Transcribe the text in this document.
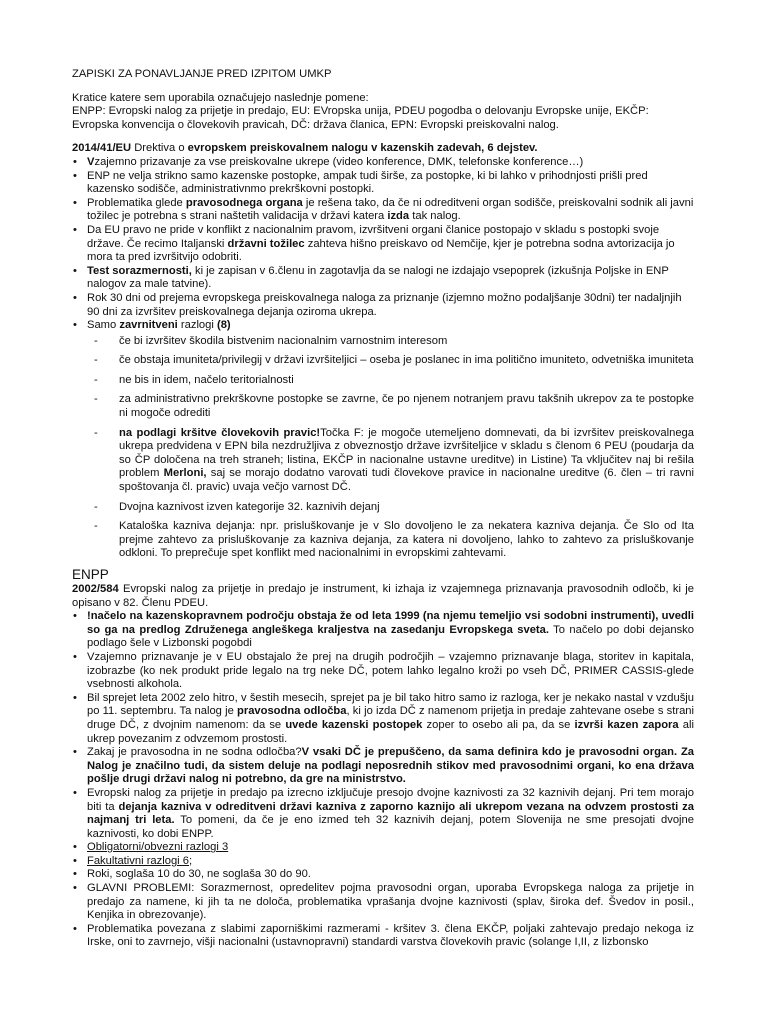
ZAPISKI ZA PONAVLJANJE PRED IZPITOM UMKP

Kratice katere sem uporabila označujejo naslednje pomene:

ENPP: Evropski nalog za prijetje in predajo, EU: EVropska unija, PDEU pogodba o delovanju Evropske unije, EKČP: Evropska konvencija o človekovih pravicah, DČ: država članica, EPN: Evropski preiskovalni nalog.

2014/41/EU Drektiva o evropskem preiskovalnem nalogu v kazenskih zadevah, 6 dejstev.

• Vzajemno prizavanje za vse preiskovalne ukrepe (video konference, DMK, telefonske konference…)
• ENP ne velja strikno samo kazenske postopke, ampak tudi širše, za postopke, ki bi lahko v prihodnjosti prišli pred kazensko sodišče, administrativnmo prekrškovni postopki.
• Problematika glede pravosodnega organa je rešena tako, da če ni odreditveni organ sodišče, preiskovalni sodnik ali javni tožilec je potrebna s strani naštetih validacija v državi katera izda tak nalog.
• Da EU pravo ne pride v konflikt z nacionalnim pravom, izvršitveni organi članice postopajo v skladu s postopki svoje države. Če recimo Italjanski državni tožilec zahteva hišno preiskavo od Nemčije, kjer je potrebna sodna avtorizacija jo mora ta pred izvršitvijo odobriti.
• Test sorazmernosti, ki je zapisan v 6.členu in zagotavlja da se nalogi ne izdajajo vsepoprek (izkušnja Poljske in ENP nalogov za male tatvine).
• Rok 30 dni od prejema evropskega preiskovalnega naloga za priznanje (izjemno možno podaljšanje 30dni) ter nadaljnjih 90 dni za izvršitev preiskovalnega dejanja oziroma ukrepa.
• Samo zavrnitveni razlogi (8)
- če bi izvršitev škodila bistvenim nacionalnim varnostnim interesom
- če obstaja imuniteta/privilegij v državi izvršiteljici – oseba je poslanec in ima politično imuniteto, odvetniška imuniteta
- ne bis in idem, načelo teritorialnosti
- za administrativno prekrškovne postopke se zavrne, če po njenem notranjem pravu takšnih ukrepov za te postopke ni mogoče odrediti
- na podlagi kršitve človekovih pravic!Točka F: je mogoče utemeljeno domnevati, da bi izvršitev preiskovalnega ukrepa predvidena v EPN bila nezdružljiva z obveznostjo države izvršiteljice v skladu s členom 6 PEU (poudarja da so ČP določena na treh straneh; listina, EKČP in nacionalne ustavne ureditve) in Listine) Ta vključitev naj bi rešila problem Merloni, saj se morajo dodatno varovati tudi človekove pravice in nacionalne ureditve (6. člen – tri ravni spoštovanja čl. pravic) uvaja večjo varnost DČ.
- Dvojna kaznivost izven kategorije 32. kaznivih dejanj
- Kataloška kazniva dejanja: npr. prisluškovanje je v Slo dovoljeno le za nekatera kazniva dejanja. Če Slo od Ita prejme zahtevo za prisluškovanje za kazniva dejanja, za katera ni dovoljeno, lahko to zahtevo za prisluškovanje odkloni. To preprečuje spet konflikt med nacionalnimi in evropskimi zahtevami.

ENPP

2002/584 Evropski nalog za prijetje in predajo je instrument, ki izhaja iz vzajemnega priznavanja pravosodnih odločb, ki je opisano v 82. Členu PDEU.

• !načelo na kazenskopravnem področju obstaja že od leta 1999 (na njemu temeljio vsi sodobni instrumenti), uvedli so ga na predlog Združenega angleškega kraljestva na zasedanju Evropskega sveta. To načelo po dobi dejansko podlago šele v Lizbonski pogobdi
• Vzajemno priznavanje je v EU obstajalo že prej na drugih področjih – vzajemno priznavanje blaga, storitev in kapitala, izobrazbe (ko nek produkt pride legalo na trg neke DČ, potem lahko legalno kroži po vseh DČ, PRIMER CASSIS-glede vsebnosti alkohola.
• Bil sprejet leta 2002 zelo hitro, v šestih mesecih, sprejet pa je bil tako hitro samo iz razloga, ker je nekako nastal v vzdušju po 11. septembru. Ta nalog je pravosodna odločba, ki jo izda DČ z namenom prijetja in predaje zahtevane osebe s strani druge DČ, z dvojnim namenom: da se uvede kazenski postopek zoper to osebo ali pa, da se izvrši kazen zapora ali ukrep povezanim z odvzemom prostosti.
• Zakaj je pravosodna in ne sodna odločba?V vsaki DČ je prepuščeno, da sama definira kdo je pravosodni organ. Za Nalog je značilno tudi, da sistem deluje na podlagi neposrednih stikov med pravosodnimi organi, ko ena država pošlje drugi državi nalog ni potrebno, da gre na ministrstvo.
• Evropski nalog za prijetje in predajo pa izrecno izključuje presojo dvojne kaznivosti za 32 kaznivih dejanj. Pri tem morajo biti ta dejanja kazniva v odreditveni državi kazniva z zaporno kaznijo ali ukrepom vezana na odvzem prostosti za najmanj tri leta. To pomeni, da če je eno izmed teh 32 kaznivih dejanj, potem Slovenija ne sme presojati dvojne kaznivosti, ko dobi ENPP.
• Obligatorni/obvezni razlogi 3
• Fakultativni razlogi 6;
• Roki, soglaša 10 do 30, ne soglaša 30 do 90.
• GLAVNI PROBLEMI: Sorazmernost, opredelitev pojma pravosodni organ, uporaba Evropskega naloga za prijetje in predajo za namene, ki jih ta ne določa, problematika vprašanja dvojne kaznivosti (splav, široka def. Švedov in posil., Kenjika in obrezovanje).
• Problematika povezana z slabimi zaporniškimi razmerami - kršitev 3. člena EKČP, poljaki zahtevajo predajo nekoga iz Irske, oni to zavrnejo, višji nacionalni (ustavnopravni) standardi varstva človekovih pravic (solange I,II, z lizbonsko
